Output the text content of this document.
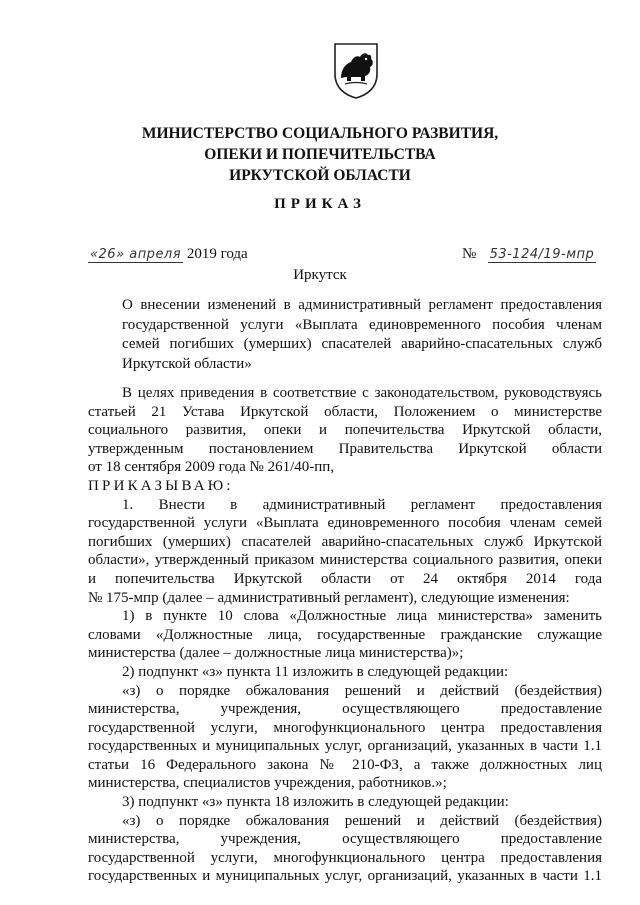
МИНИСТЕРСТВО СОЦИАЛЬНОГО РАЗВИТИЯ,
ОПЕКИ И ПОПЕЧИТЕЛЬСТВА
ИРКУТСКОЙ ОБЛАСТИ
ПРИКАЗ
«26» апреля 2019 года	№ 53-124/19-мпр
Иркутск
О внесении изменений в административный регламент предоставления
государственной услуги «Выплата единовременного пособия членам
семей погибших (умерших) спасателей аварийно-спасательных служб
Иркутской области»
В целях приведения в соответствие с законодательством, руководствуясь
статьей 21 Устава Иркутской области, Положением о министерстве
социального развития, опеки и попечительства Иркутской области,
утвержденным постановлением Правительства Иркутской области
от 18 сентября 2009 года № 261/40-пп,
ПРИКАЗЫВАЮ:
1. Внести в административный регламент предоставления
государственной услуги «Выплата единовременного пособия членам семей
погибших (умерших) спасателей аварийно-спасательных служб Иркутской
области», утвержденный приказом министерства социального развития, опеки
и попечительства Иркутской области от 24 октября 2014 года
№ 175-мпр (далее – административный регламент), следующие изменения:
1) в пункте 10 слова «Должностные лица министерства» заменить
словами «Должностные лица, государственные гражданские служащие
министерства (далее – должностные лица министерства)»;
2) подпункт «з» пункта 11 изложить в следующей редакции:
«з) о порядке обжалования решений и действий (бездействия)
министерства, учреждения, осуществляющего предоставление
государственной услуги, многофункционального центра предоставления
государственных и муниципальных услуг, организаций, указанных в части 1.1
статьи 16 Федерального закона № 210-ФЗ, а также должностных лиц
министерства, специалистов учреждения, работников.»;
3) подпункт «з» пункта 18 изложить в следующей редакции:
«з) о порядке обжалования решений и действий (бездействия)
министерства, учреждения, осуществляющего предоставление
государственной услуги, многофункционального центра предоставления
государственных и муниципальных услуг, организаций, указанных в части 1.1
